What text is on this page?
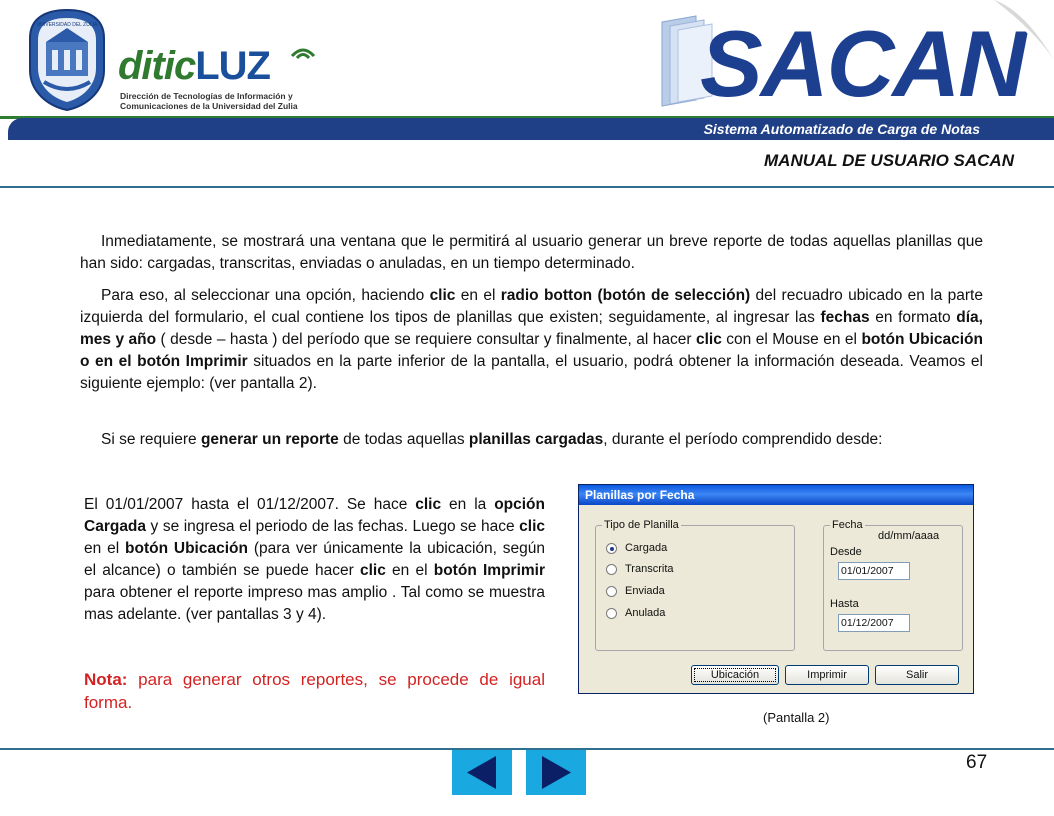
UNIVERSIDAD DEL ZULIA
diticLUZ
Dirección de Tecnologías de Información y
Comunicaciones de la Universidad del Zulia	SACAN
Sistema Automatizado de Carga de Notas
MANUAL DE USUARIO SACAN
Inmediatamente, se mostrará una ventana que le permitirá al usuario generar un breve reporte de todas aquellas planillas que han sido: cargadas, transcritas, enviadas o anuladas, en un tiempo determinado.
Para eso, al seleccionar una opción, haciendo clic en el radio botton (botón de selección) del recuadro ubicado en la parte izquierda del formulario, el cual contiene los tipos de planillas que existen; seguidamente, al ingresar las fechas en formato día, mes y año ( desde – hasta ) del período que se requiere consultar y finalmente, al hacer clic con el Mouse en el botón Ubicación o en el botón Imprimir situados en la parte inferior de la pantalla, el usuario, podrá obtener la información deseada. Veamos el siguiente ejemplo: (ver pantalla 2).
Si se requiere generar un reporte de todas aquellas planillas cargadas, durante el período comprendido desde:
El 01/01/2007 hasta el 01/12/2007. Se hace clic en la opción Cargada y se ingresa el periodo de las fechas. Luego se hace clic en el botón Ubicación (para ver únicamente la ubicación, según el alcance) o también se puede hacer clic en el botón Imprimir para obtener el reporte impreso mas amplio . Tal como se muestra mas adelante. (ver pantallas 3 y 4).
Nota: para generar otros reportes, se procede de igual forma.
Planillas por Fecha
Tipo de Planilla
Cargada
Transcrita
Enviada
Anulada
Fecha
dd/mm/aaaa
Desde
01/01/2007
Hasta
01/12/2007
Ubicación	Imprimir	Salir
(Pantalla 2)
67
